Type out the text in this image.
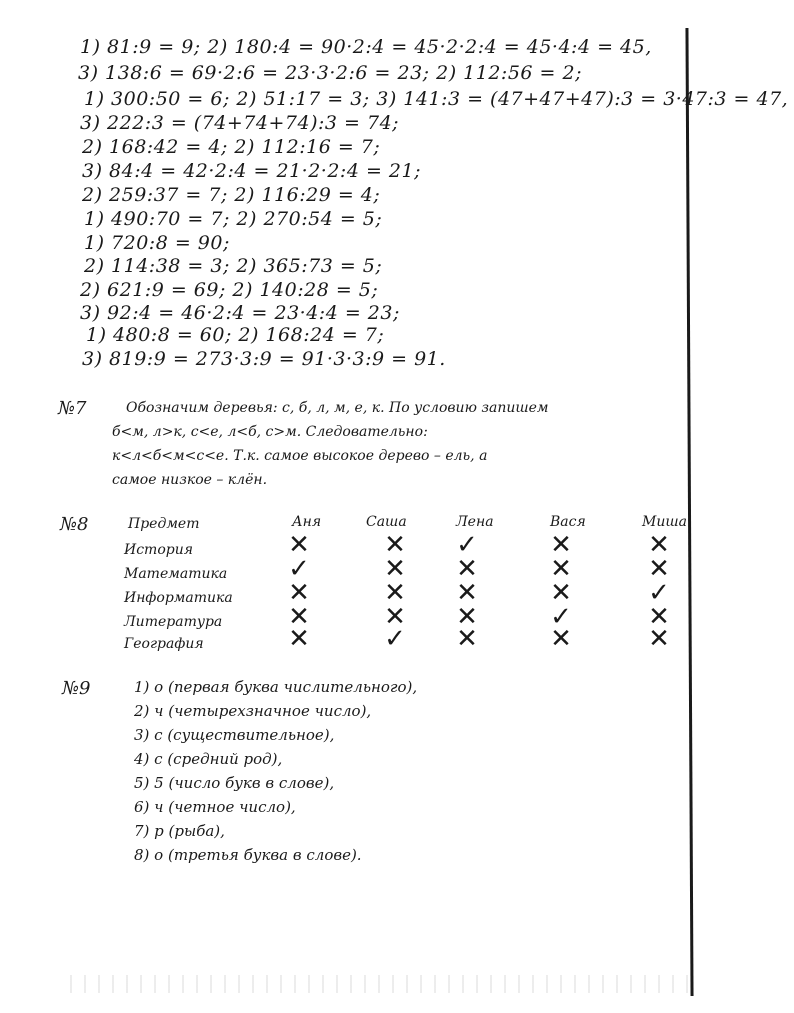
1) 81:9 = 9; 2) 180:4 = 90·2:4 = 45·2·2:4 = 45·4:4 = 45,
3) 138:6 = 69·2:6 = 23·3·2:6 = 23; 2) 112:56 = 2;
1) 300:50 = 6; 2) 51:17 = 3; 3) 141:3 = (47+47+47):3 = 3·47:3 = 47,
3) 222:3 = (74+74+74):3 = 74;
2) 168:42 = 4; 2) 112:16 = 7;
3) 84:4 = 42·2:4 = 21·2·2:4 = 21;
2) 259:37 = 7; 2) 116:29 = 4;
1) 490:70 = 7; 2) 270:54 = 5;
1) 720:8 = 90;
2) 114:38 = 3; 2) 365:73 = 5;
2) 621:9 = 69; 2) 140:28 = 5;
3) 92:4 = 46·2:4 = 23·4:4 = 23;
1) 480:8 = 60; 2) 168:24 = 7;
3) 819:9 = 273·3:9 = 91·3·3:9 = 91.
№7	Обозначим деревья: с, б, л, м, е, к. По условию запишем
б<м, л>к, с<е, л<б, с>м. Следовательно:
к<л<б<м<с<е. Т.к. самое высокое дерево – ель, а
самое низкое – клён.
№8	Предмет	Аня	Саша	Лена	Вася	Миша
История	✕	✕ ✓	✕	✕
Математика ✓	✕ ✕	✕	✕
Информатика ✕	✕ ✕	✕	✓
Литература	✕	✕ ✕	✓	✕
География	✕	✓ ✕	✕	✕
№9	1) о (первая буква числительного),
2) ч (четырехзначное число),
3) с (существительное),
4) с (средний род),
5) 5 (число букв в слове),
6) ч (четное число),
7) р (рыба),
8) о (третья буква в слове).
